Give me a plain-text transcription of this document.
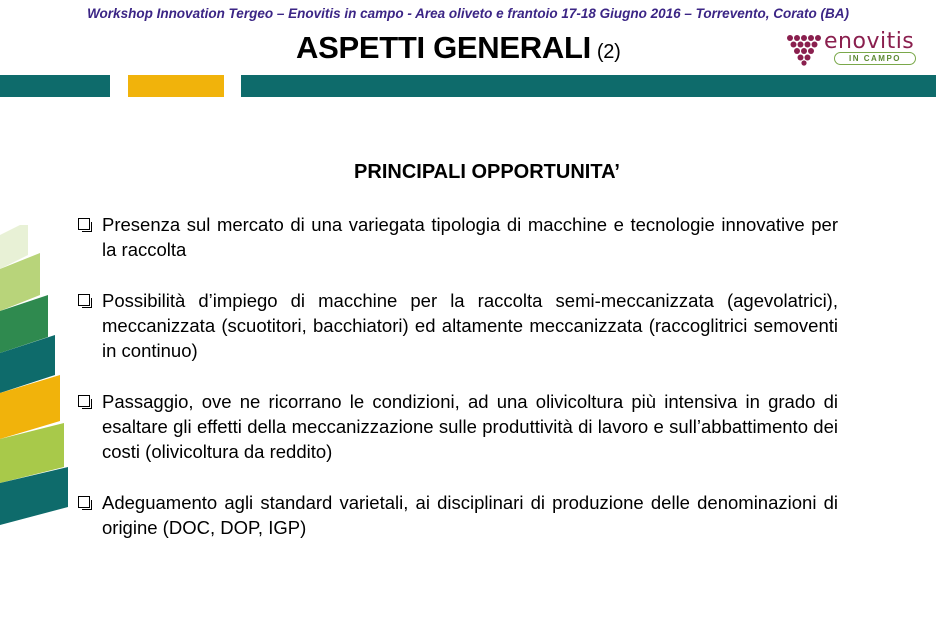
Workshop Innovation Tergeo – Enovitis in campo - Area oliveto e frantoio 17-18 Giugno 2016 – Torrevento, Corato (BA)
ASPETTI GENERALI (2)	enovitis
IN CAMPO
PRINCIPALI OPPORTUNITA’
Presenza sul mercato di una variegata tipologia di macchine e tecnologie innovative per la raccolta
Possibilità d’impiego di macchine per la raccolta semi-meccanizzata (agevolatrici), meccanizzata (scuotitori, bacchiatori) ed altamente meccanizzata (raccoglitrici semoventi in continuo)
Passaggio, ove ne ricorrano le condizioni, ad una olivicoltura più intensiva in grado di esaltare gli effetti della meccanizzazione sulle produttività di lavoro e sull’abbattimento dei costi (olivicoltura da reddito)
Adeguamento agli standard varietali, ai disciplinari di produzione delle denominazioni di origine (DOC, DOP, IGP)
